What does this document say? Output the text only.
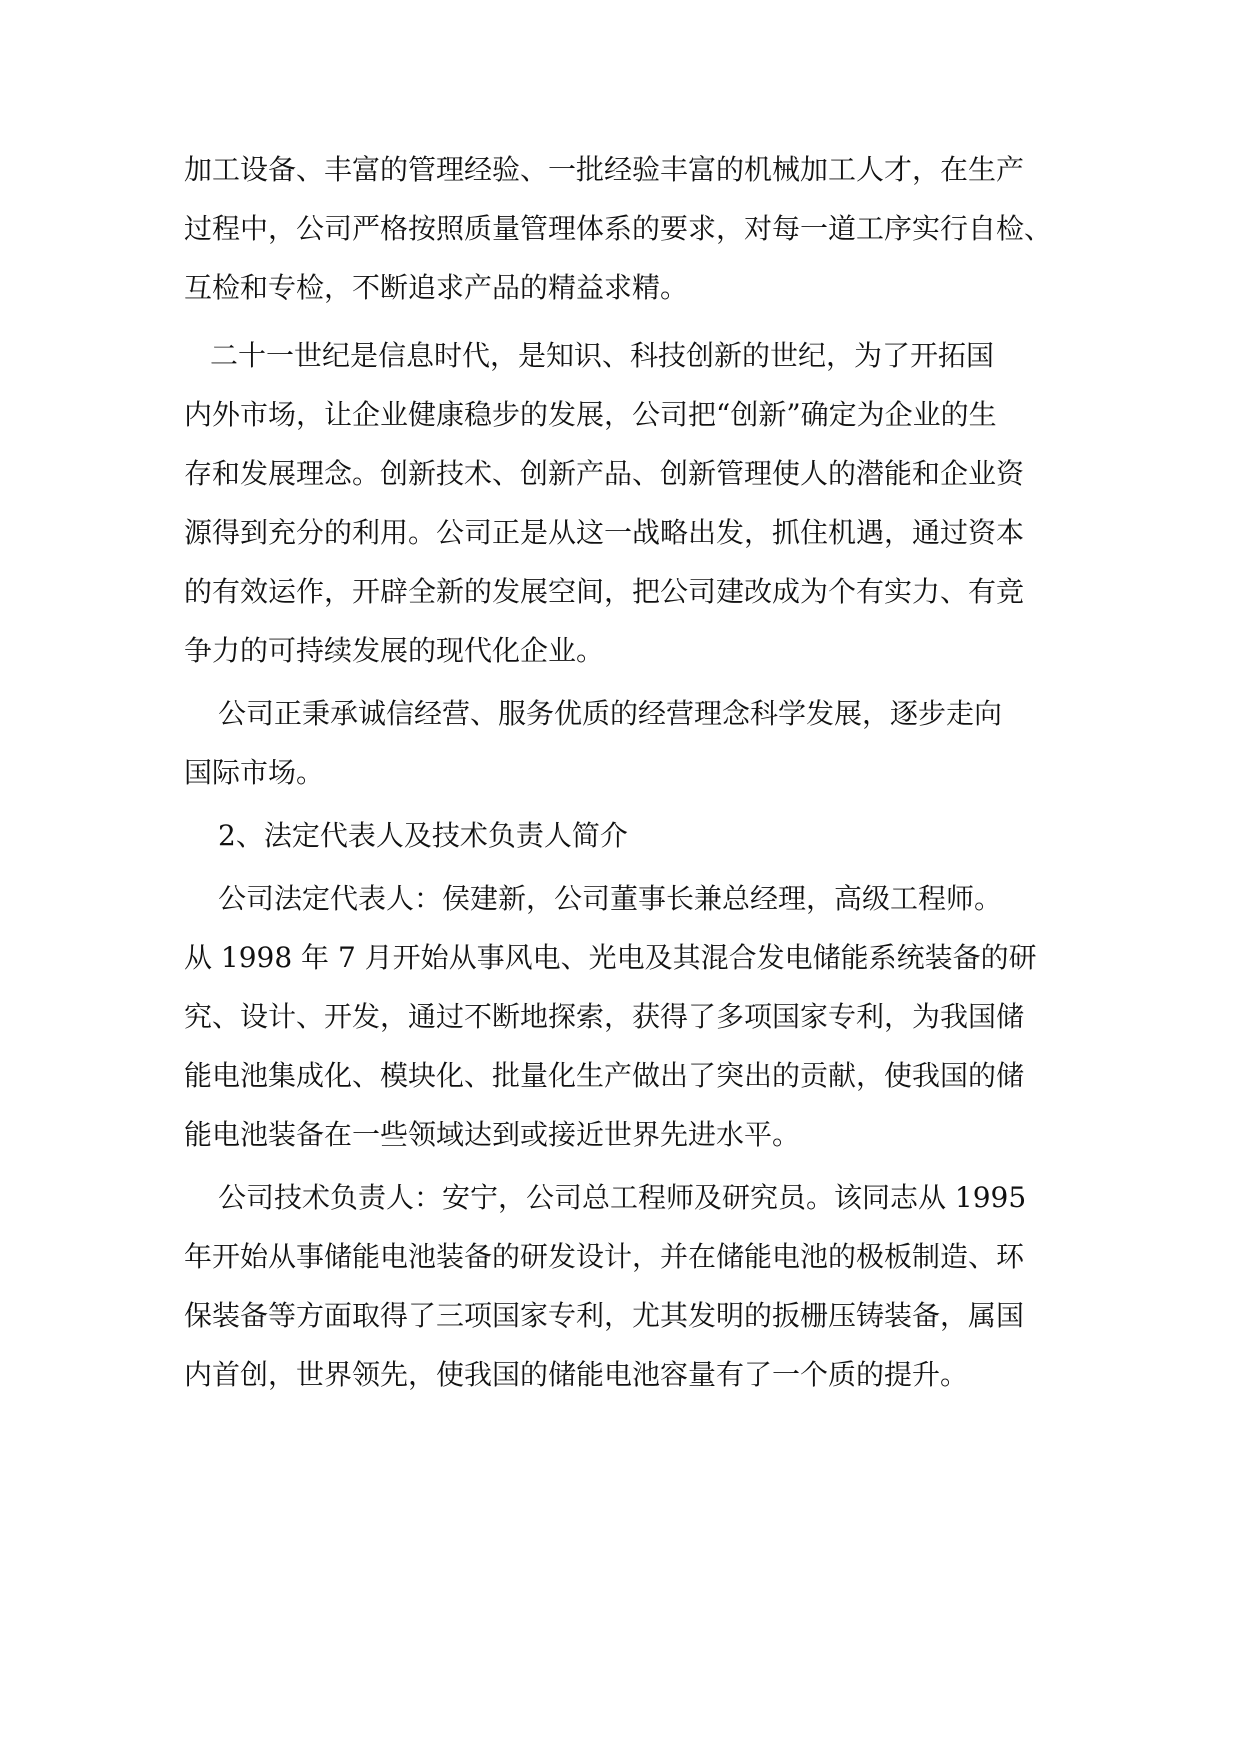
加工设备、丰富的管理经验、一批经验丰富的机械加工人才，在生产
过程中，公司严格按照质量管理体系的要求，对每一道工序实行自检、
互检和专检，不断追求产品的精益求精。
二十一世纪是信息时代，是知识、科技创新的世纪，为了开拓国
内外市场，让企业健康稳步的发展，公司把“创新”确定为企业的生
存和发展理念。创新技术、创新产品、创新管理使人的潜能和企业资
源得到充分的利用。公司正是从这一战略出发，抓住机遇，通过资本
的有效运作，开辟全新的发展空间，把公司建改成为个有实力、有竞
争力的可持续发展的现代化企业。
公司正秉承诚信经营、服务优质的经营理念科学发展，逐步走向
国际市场。
2、法定代表人及技术负责人简介
公司法定代表人：侯建新，公司董事长兼总经理，高级工程师。
从 1998 年 7 月开始从事风电、光电及其混合发电储能系统装备的研
究、设计、开发，通过不断地探索，获得了多项国家专利，为我国储
能电池集成化、模块化、批量化生产做出了突出的贡献，使我国的储
能电池装备在一些领域达到或接近世界先进水平。
公司技术负责人：安宁，公司总工程师及研究员。该同志从 1995
年开始从事储能电池装备的研发设计，并在储能电池的极板制造、环
保装备等方面取得了三项国家专利，尤其发明的扳栅压铸装备，属国
内首创，世界领先，使我国的储能电池容量有了一个质的提升。
